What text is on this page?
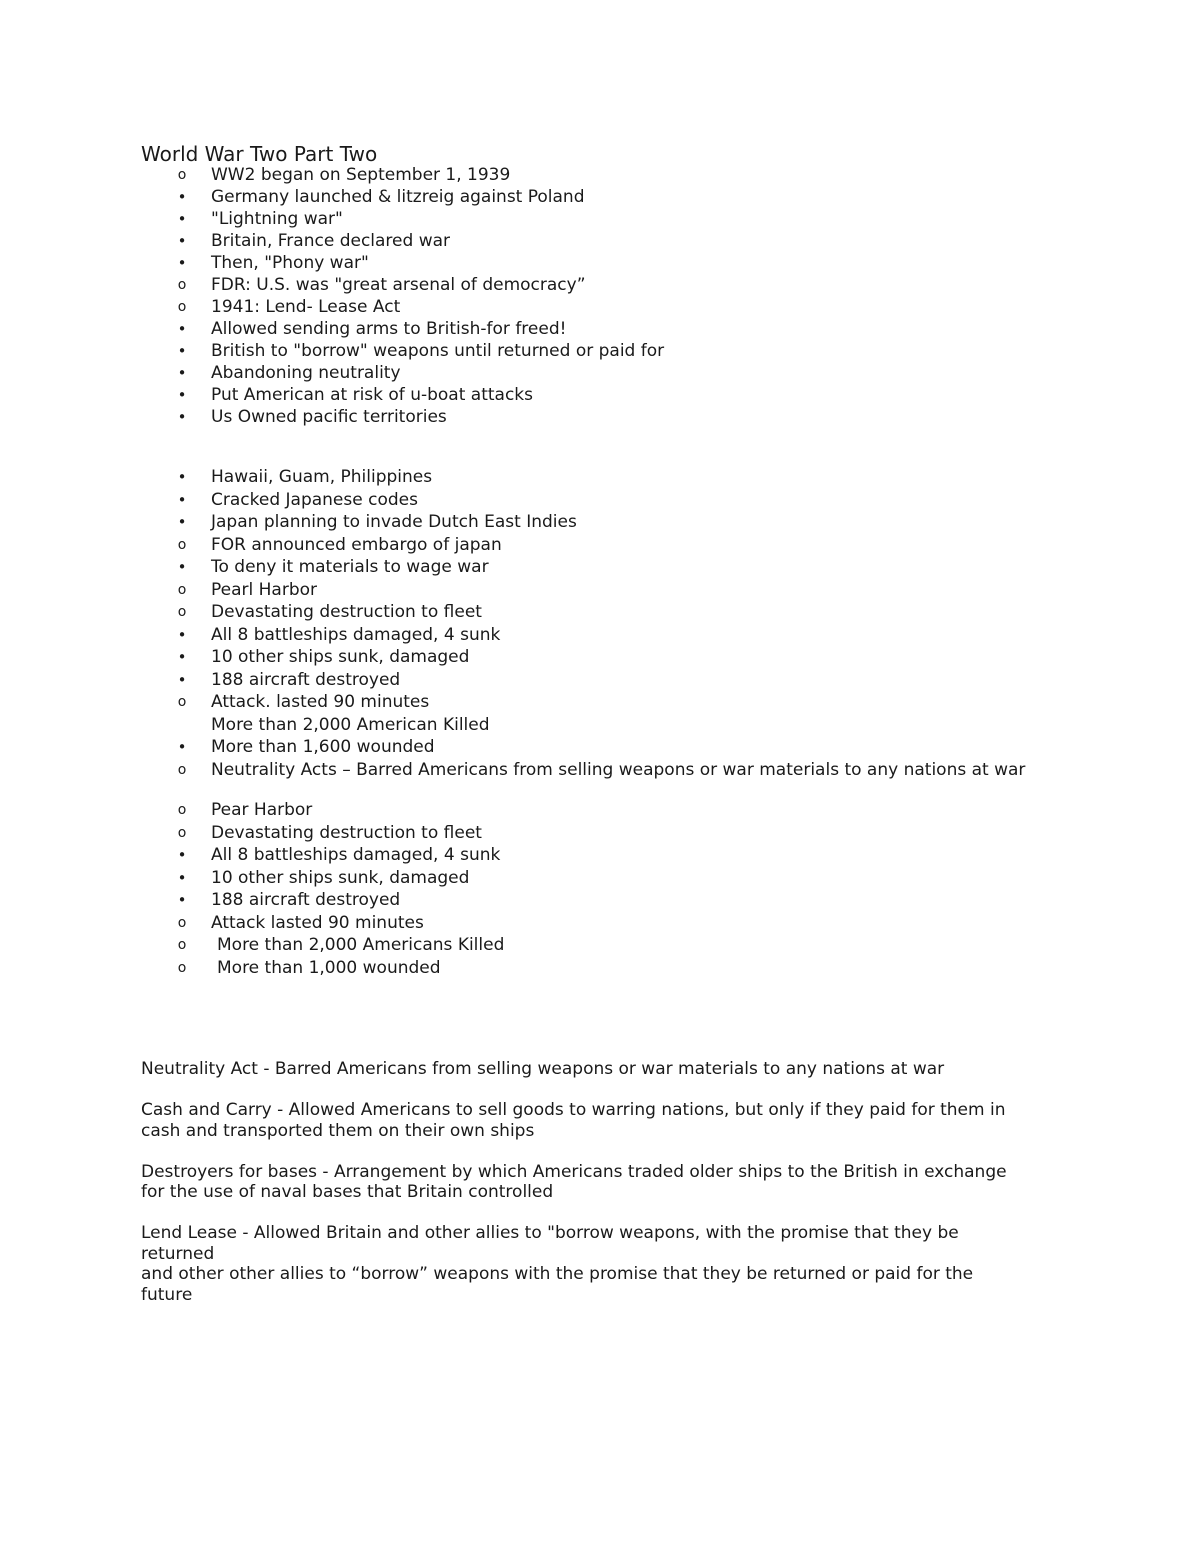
World War Two Part Two
o	WW2 began on September 1, 1939
•	Germany launched & litzreig against Poland
•	"Lightning war"
•	Britain, France declared war
•	Then, "Phony war"
o	FDR: U.S. was "great arsenal of democracy”
o	1941: Lend- Lease Act
•	Allowed sending arms to British-for freed!
•	British to "borrow" weapons until returned or paid for
•	Abandoning neutrality
•	Put American at risk of u-boat attacks
•	Us Owned pacific territories
•	Hawaii, Guam, Philippines
•	Cracked Japanese codes
•	Japan planning to invade Dutch East Indies
o	FOR announced embargo of japan
•	To deny it materials to wage war
o	Pearl Harbor
o	Devastating destruction to fleet
•	All 8 battleships damaged, 4 sunk
•	10 other ships sunk, damaged
•	188 aircraft destroyed
o	Attack. lasted 90 minutes
More than 2,000 American Killed
•	More than 1,600 wounded
o	Neutrality Acts – Barred Americans from selling weapons or war materials to any nations at war
o	Pear Harbor
o	Devastating destruction to fleet
•	All 8 battleships damaged, 4 sunk
•	10 other ships sunk, damaged
•	188 aircraft destroyed
o	Attack lasted 90 minutes
o	More than 2,000 Americans Killed
o	More than 1,000 wounded
Neutrality Act - Barred Americans from selling weapons or war materials to any nations at war
Cash and Carry - Allowed Americans to sell goods to warring nations, but only if they paid for them in
cash and transported them on their own ships
Destroyers for bases - Arrangement by which Americans traded older ships to the British in exchange
for the use of naval bases that Britain controlled
Lend Lease - Allowed Britain and other allies to "borrow weapons, with the promise that they be
returned
and other other allies to “borrow” weapons with the promise that they be returned or paid for the
future
